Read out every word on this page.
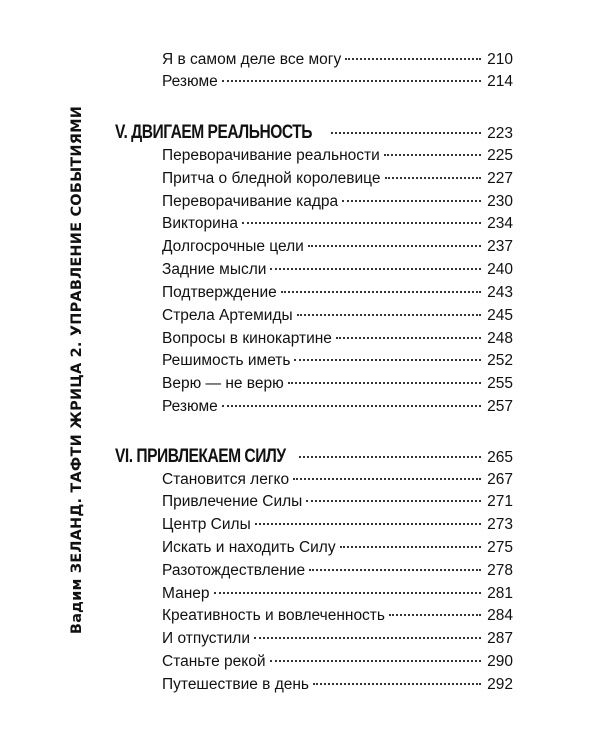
Вадим ЗЕЛАНД. ТАФТИ ЖРИЦА 2. УПРАВЛЕНИЕ СОБЫТИЯМИ
Я в самом деле все могу	210
Резюме	214
V. ДВИГАЕМ РЕАЛЬНОСТЬ	223
Переворачивание реальности	225
Притча о бледной королевице	227
Переворачивание кадра	230
Викторина	234
Долгосрочные цели	237
Задние мысли	240
Подтверждение	243
Стрела Артемиды	245
Вопросы в кинокартине	248
Решимость иметь	252
Верю — не верю	255
Резюме	257
VI. ПРИВЛЕКАЕМ СИЛУ	265
Становится легко	267
Привлечение Силы	271
Центр Силы	273
Искать и находить Силу	275
Разотождествление	278
Манер	281
Креативность и вовлеченность	284
И отпустили	287
Станьте рекой	290
Путешествие в день	292
